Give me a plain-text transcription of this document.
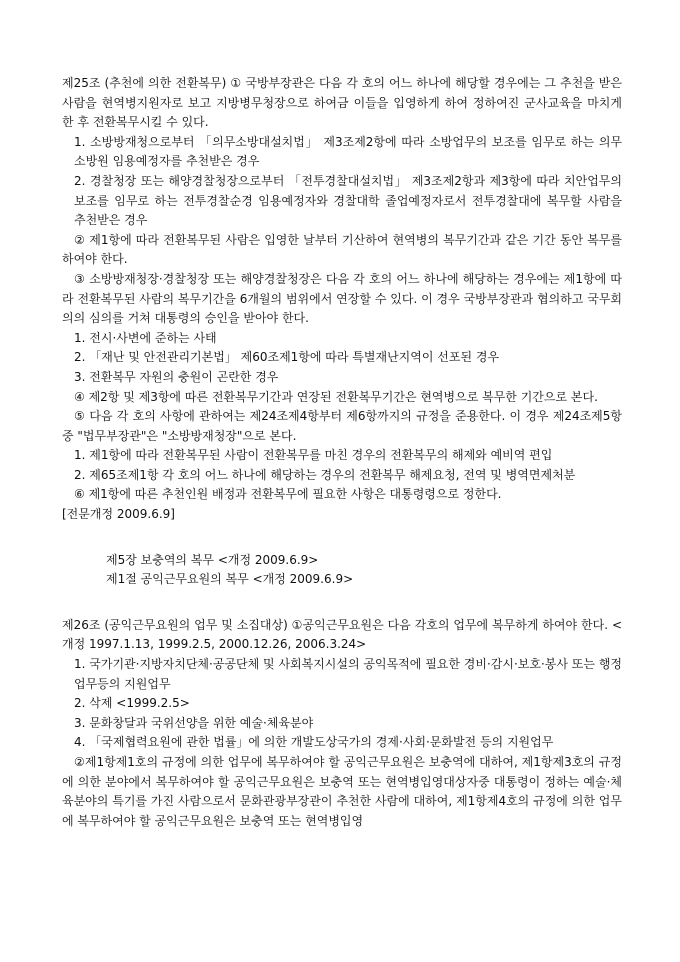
제25조 (추천에 의한 전환복무) ① 국방부장관은 다음 각 호의 어느 하나에 해당할 경우에는 그 추천을 받은 사람을 현역병지원자로 보고 지방병무청장으로 하여금 이들을 입영하게 하여 정하여진 군사교육을 마치게 한 후 전환복무시킬 수 있다.

1. 소방방재청으로부터 「의무소방대설치법」 제3조제2항에 따라 소방업무의 보조를 임무로 하는 의무소방원 임용예정자를 추천받은 경우

2. 경찰청장 또는 해양경찰청장으로부터 「전투경찰대설치법」 제3조제2항과 제3항에 따라 치안업무의 보조를 임무로 하는 전투경찰순경 임용예정자와 경찰대학 졸업예정자로서 전투경찰대에 복무할 사람을 추천받은 경우

② 제1항에 따라 전환복무된 사람은 입영한 날부터 기산하여 현역병의 복무기간과 같은 기간 동안 복무를 하여야 한다.

③ 소방방재청장·경찰청장 또는 해양경찰청장은 다음 각 호의 어느 하나에 해당하는 경우에는 제1항에 따라 전환복무된 사람의 복무기간을 6개월의 범위에서 연장할 수 있다. 이 경우 국방부장관과 협의하고 국무회의의 심의를 거쳐 대통령의 승인을 받아야 한다.

1. 전시·사변에 준하는 사태

2. 「재난 및 안전관리기본법」 제60조제1항에 따라 특별재난지역이 선포된 경우

3. 전환복무 자원의 충원이 곤란한 경우

④ 제2항 및 제3항에 따른 전환복무기간과 연장된 전환복무기간은 현역병으로 복무한 기간으로 본다.

⑤ 다음 각 호의 사항에 관하여는 제24조제4항부터 제6항까지의 규정을 준용한다. 이 경우 제24조제5항 중 "법무부장관"은 "소방방재청장"으로 본다.

1. 제1항에 따라 전환복무된 사람이 전환복무를 마친 경우의 전환복무의 해제와 예비역 편입

2. 제65조제1항 각 호의 어느 하나에 해당하는 경우의 전환복무 해제요청, 전역 및 병역면제처분

⑥ 제1항에 따른 추천인원 배정과 전환복무에 필요한 사항은 대통령령으로 정한다.

[전문개정 2009.6.9]

제5장 보충역의 복무 <개정 2009.6.9>

제1절 공익근무요원의 복무 <개정 2009.6.9>

제26조 (공익근무요원의 업무 및 소집대상) ①공익근무요원은 다음 각호의 업무에 복무하게 하여야 한다. <개정 1997.1.13, 1999.2.5, 2000.12.26, 2006.3.24>

1. 국가기관·지방자치단체·공공단체 및 사회복지시설의 공익목적에 필요한 경비·감시·보호·봉사 또는 행정업무등의 지원업무

2. 삭제 <1999.2.5>

3. 문화창달과 국위선양을 위한 예술·체육분야

4. 「국제협력요원에 관한 법률」에 의한 개발도상국가의 경제·사회·문화발전 등의 지원업무

②제1항제1호의 규정에 의한 업무에 복무하여야 할 공익근무요원은 보충역에 대하여, 제1항제3호의 규정에 의한 분야에서 복무하여야 할 공익근무요원은 보충역 또는 현역병입영대상자중 대통령이 정하는 예술·체육분야의 특기를 가진 사람으로서 문화관광부장관이 추천한 사람에 대하여, 제1항제4호의 규정에 의한 업무에 복무하여야 할 공익근무요원은 보충역 또는 현역병입영
